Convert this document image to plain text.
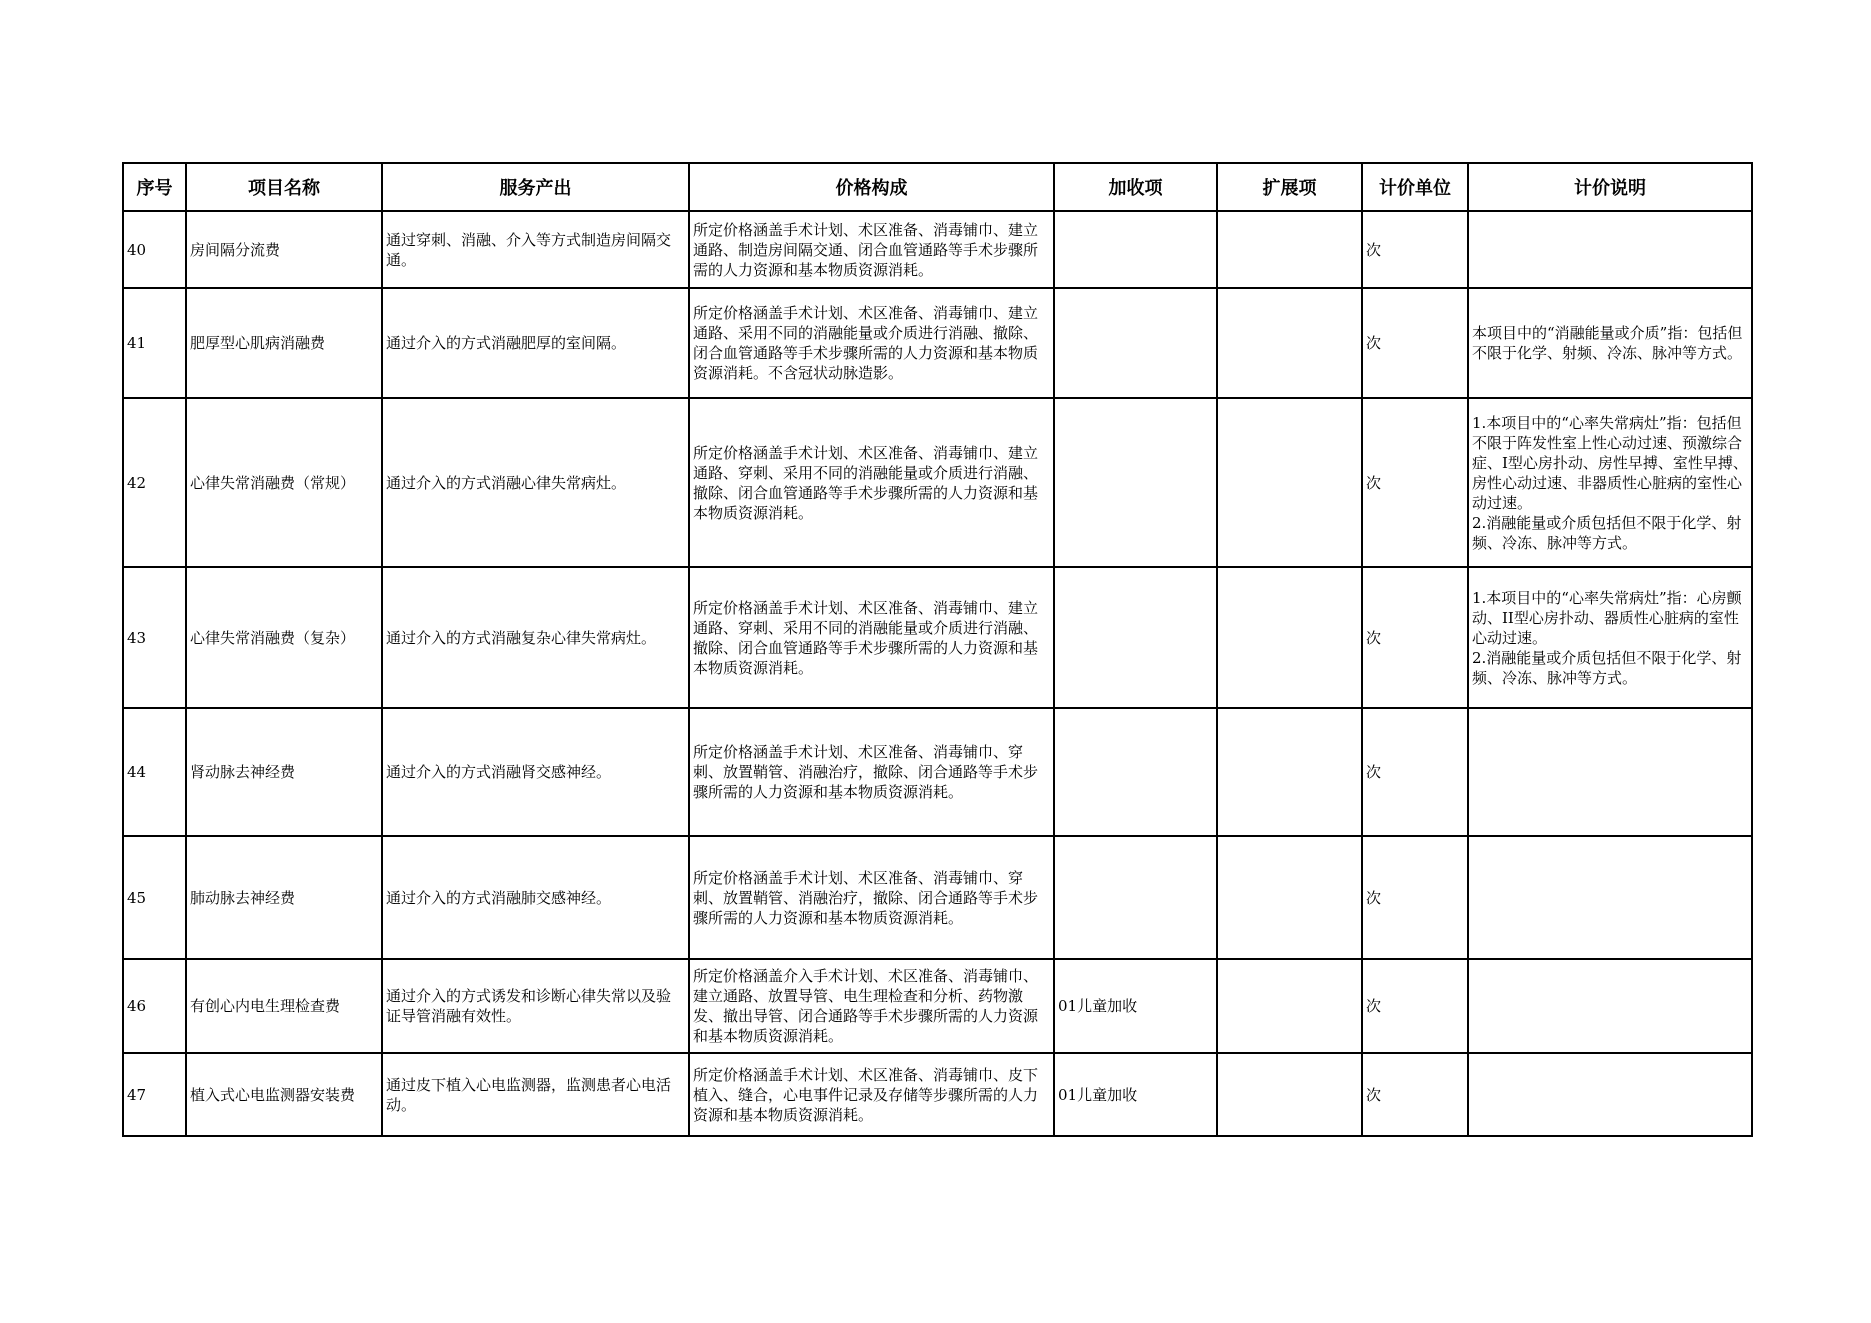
序号	项目名称	服务产出	价格构成	加收项	扩展项	计价单位	计价说明
40	房间隔分流费	通过穿刺、消融、介入等方式制造房间隔交通。	所定价格涵盖手术计划、术区准备、消毒铺巾、建立通路、制造房间隔交通、闭合血管通路等手术步骤所需的人力资源和基本物质资源消耗。			次	
41	肥厚型心肌病消融费	通过介入的方式消融肥厚的室间隔。	所定价格涵盖手术计划、术区准备、消毒铺巾、建立通路、采用不同的消融能量或介质进行消融、撤除、闭合血管通路等手术步骤所需的人力资源和基本物质资源消耗。不含冠状动脉造影。			次	本项目中的“消融能量或介质”指：包括但不限于化学、射频、冷冻、脉冲等方式。
42	心律失常消融费（常规）	通过介入的方式消融心律失常病灶。	所定价格涵盖手术计划、术区准备、消毒铺巾、建立通路、穿刺、采用不同的消融能量或介质进行消融、撤除、闭合血管通路等手术步骤所需的人力资源和基本物质资源消耗。			次	1.本项目中的“心率失常病灶”指：包括但不限于阵发性室上性心动过速、预激综合症、I型心房扑动、房性早搏、室性早搏、房性心动过速、非器质性心脏病的室性心动过速。
2.消融能量或介质包括但不限于化学、射频、冷冻、脉冲等方式。

43	心律失常消融费（复杂）	通过介入的方式消融复杂心律失常病灶。	所定价格涵盖手术计划、术区准备、消毒铺巾、建立通路、穿刺、采用不同的消融能量或介质进行消融、撤除、闭合血管通路等手术步骤所需的人力资源和基本物质资源消耗。			次	1.本项目中的“心率失常病灶”指：心房颤动、II型心房扑动、器质性心脏病的室性心动过速。
2.消融能量或介质包括但不限于化学、射频、冷冻、脉冲等方式。

44	肾动脉去神经费	通过介入的方式消融肾交感神经。	所定价格涵盖手术计划、术区准备、消毒铺巾、穿刺、放置鞘管、消融治疗，撤除、闭合通路等手术步骤所需的人力资源和基本物质资源消耗。			次	
45	肺动脉去神经费	通过介入的方式消融肺交感神经。	所定价格涵盖手术计划、术区准备、消毒铺巾、穿刺、放置鞘管、消融治疗，撤除、闭合通路等手术步骤所需的人力资源和基本物质资源消耗。			次	
46	有创心内电生理检查费	通过介入的方式诱发和诊断心律失常以及验证导管消融有效性。	所定价格涵盖介入手术计划、术区准备、消毒铺巾、建立通路、放置导管、电生理检查和分析、药物激发、撤出导管、闭合通路等手术步骤所需的人力资源和基本物质资源消耗。	01儿童加收		次	
47	植入式心电监测器安装费	通过皮下植入心电监测器，监测患者心电活动。	所定价格涵盖手术计划、术区准备、消毒铺巾、皮下植入、缝合，心电事件记录及存储等步骤所需的人力资源和基本物质资源消耗。	01儿童加收		次	
